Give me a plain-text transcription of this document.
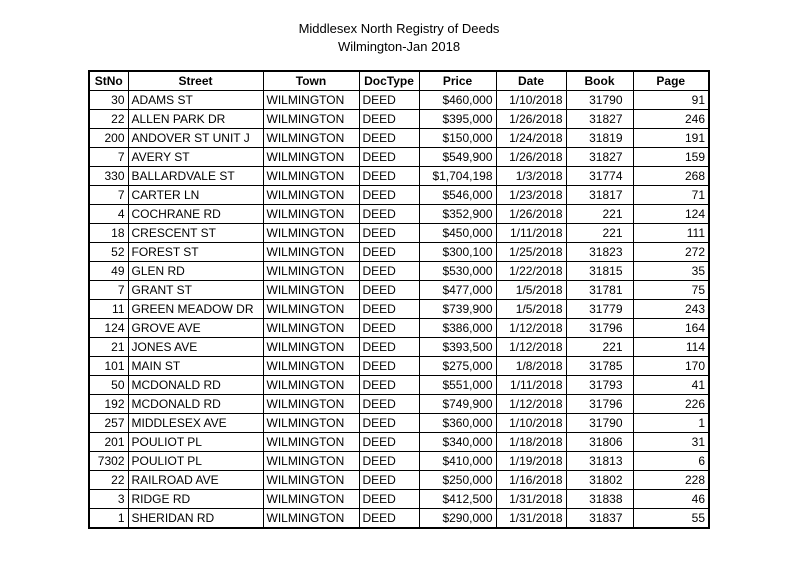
Middlesex North Registry of Deeds
Wilmington-Jan 2018
StNo	Street	Town	DocType	Price	Date	Book	Page
30	ADAMS ST	WILMINGTON	DEED	$460,000	1/10/2018	31790	91
22	ALLEN PARK DR	WILMINGTON	DEED	$395,000	1/26/2018	31827	246
200	ANDOVER ST UNIT J	WILMINGTON	DEED	$150,000	1/24/2018	31819	191
7	AVERY ST	WILMINGTON	DEED	$549,900	1/26/2018	31827	159
330	BALLARDVALE ST	WILMINGTON	DEED	$1,704,198	1/3/2018	31774	268
7	CARTER LN	WILMINGTON	DEED	$546,000	1/23/2018	31817	71
4	COCHRANE RD	WILMINGTON	DEED	$352,900	1/26/2018	221	124
18	CRESCENT ST	WILMINGTON	DEED	$450,000	1/11/2018	221	111
52	FOREST ST	WILMINGTON	DEED	$300,100	1/25/2018	31823	272
49	GLEN RD	WILMINGTON	DEED	$530,000	1/22/2018	31815	35
7	GRANT ST	WILMINGTON	DEED	$477,000	1/5/2018	31781	75
11	GREEN MEADOW DR	WILMINGTON	DEED	$739,900	1/5/2018	31779	243
124	GROVE AVE	WILMINGTON	DEED	$386,000	1/12/2018	31796	164
21	JONES AVE	WILMINGTON	DEED	$393,500	1/12/2018	221	114
101	MAIN ST	WILMINGTON	DEED	$275,000	1/8/2018	31785	170
50	MCDONALD RD	WILMINGTON	DEED	$551,000	1/11/2018	31793	41
192	MCDONALD RD	WILMINGTON	DEED	$749,900	1/12/2018	31796	226
257	MIDDLESEX AVE	WILMINGTON	DEED	$360,000	1/10/2018	31790	1
201	POULIOT PL	WILMINGTON	DEED	$340,000	1/18/2018	31806	31
7302	POULIOT PL	WILMINGTON	DEED	$410,000	1/19/2018	31813	6
22	RAILROAD AVE	WILMINGTON	DEED	$250,000	1/16/2018	31802	228
3	RIDGE RD	WILMINGTON	DEED	$412,500	1/31/2018	31838	46
1	SHERIDAN RD	WILMINGTON	DEED	$290,000	1/31/2018	31837	55
